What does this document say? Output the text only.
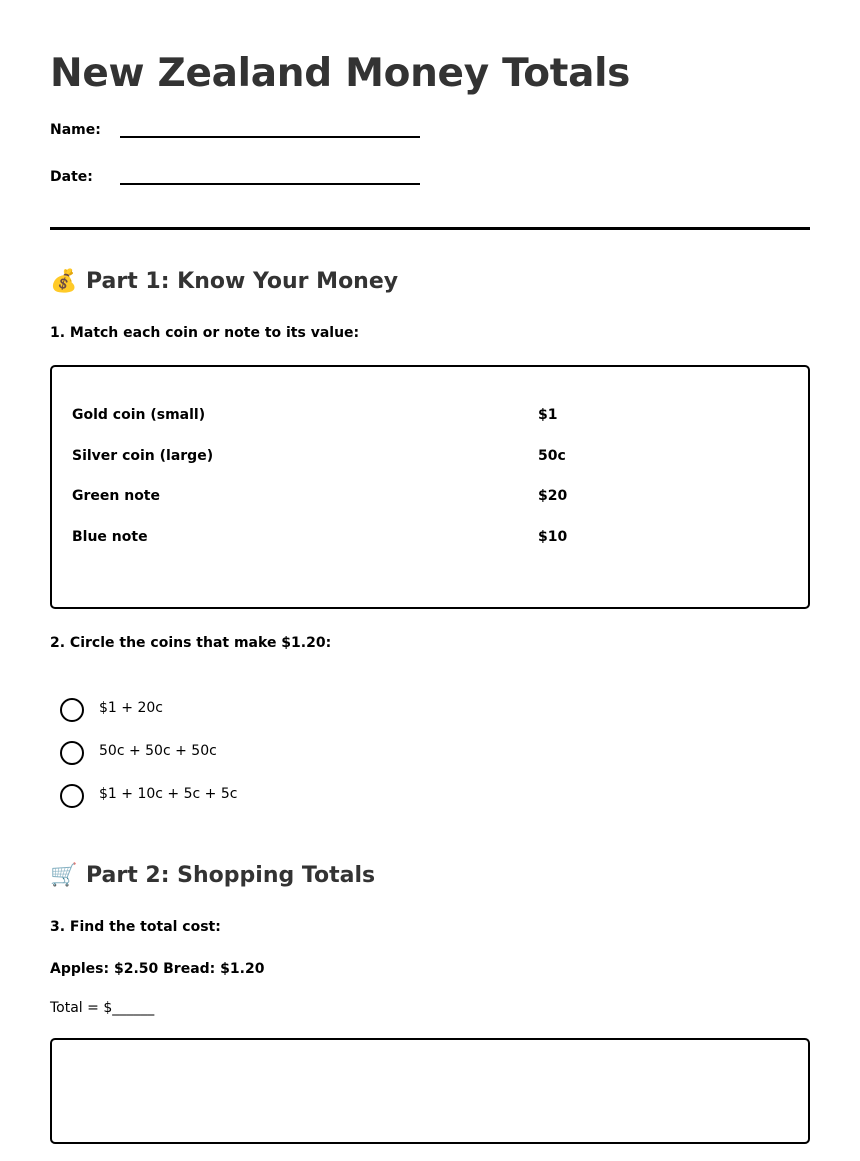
New Zealand Money Totals
Name:
Date:
💰 Part 1: Know Your Money

1. Match each coin or note to its value:

Gold coin (small)	$1
Silver coin (large)	50c
Green note	$20
Blue note	$10

2. Circle the coins that make $1.20:

$1 + 20c
50c + 50c + 50c
$1 + 10c + 5c + 5c
🛒 Part 2: Shopping Totals

3. Find the total cost:

Apples: $2.50 Bread: $1.20

Total = $______
